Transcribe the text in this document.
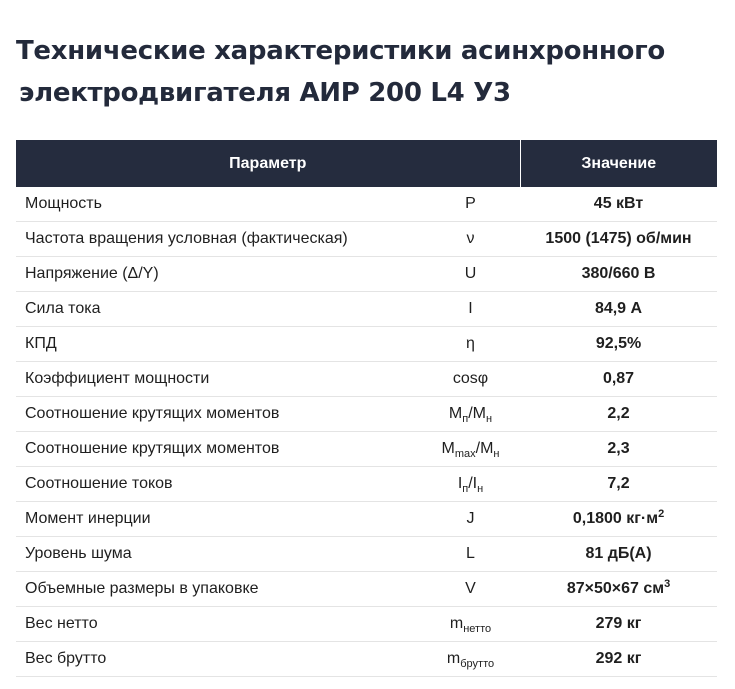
Технические характеристики асинхронного
электродвигателя АИР 200 L4 У3
Параметр		Значение
Мощность	P	45 кВт
Частота вращения условная (фактическая)	ν	1500 (1475) об/мин
Напряжение (Δ/Y)	U	380/660 В
Сила тока	I	84,9 А
КПД	η	92,5%
Коэффициент мощности	cosφ	0,87
Соотношение крутящих моментов	$M_п/M_н$	2,2
Соотношение крутящих моментов	$M_{max}/M_н$	2,3
Соотношение токов	$I_п/I_н$	7,2
Момент инерции	J	0,1800 $кг\cdot м^2$
Уровень шума	L	81 дБ(А)
Объемные размеры в упаковке	V	87×50×67 $см^3$
Вес нетто	$m_{нетто}$	279 кг
Вес брутто	$m_{брутто}$	292 кг
